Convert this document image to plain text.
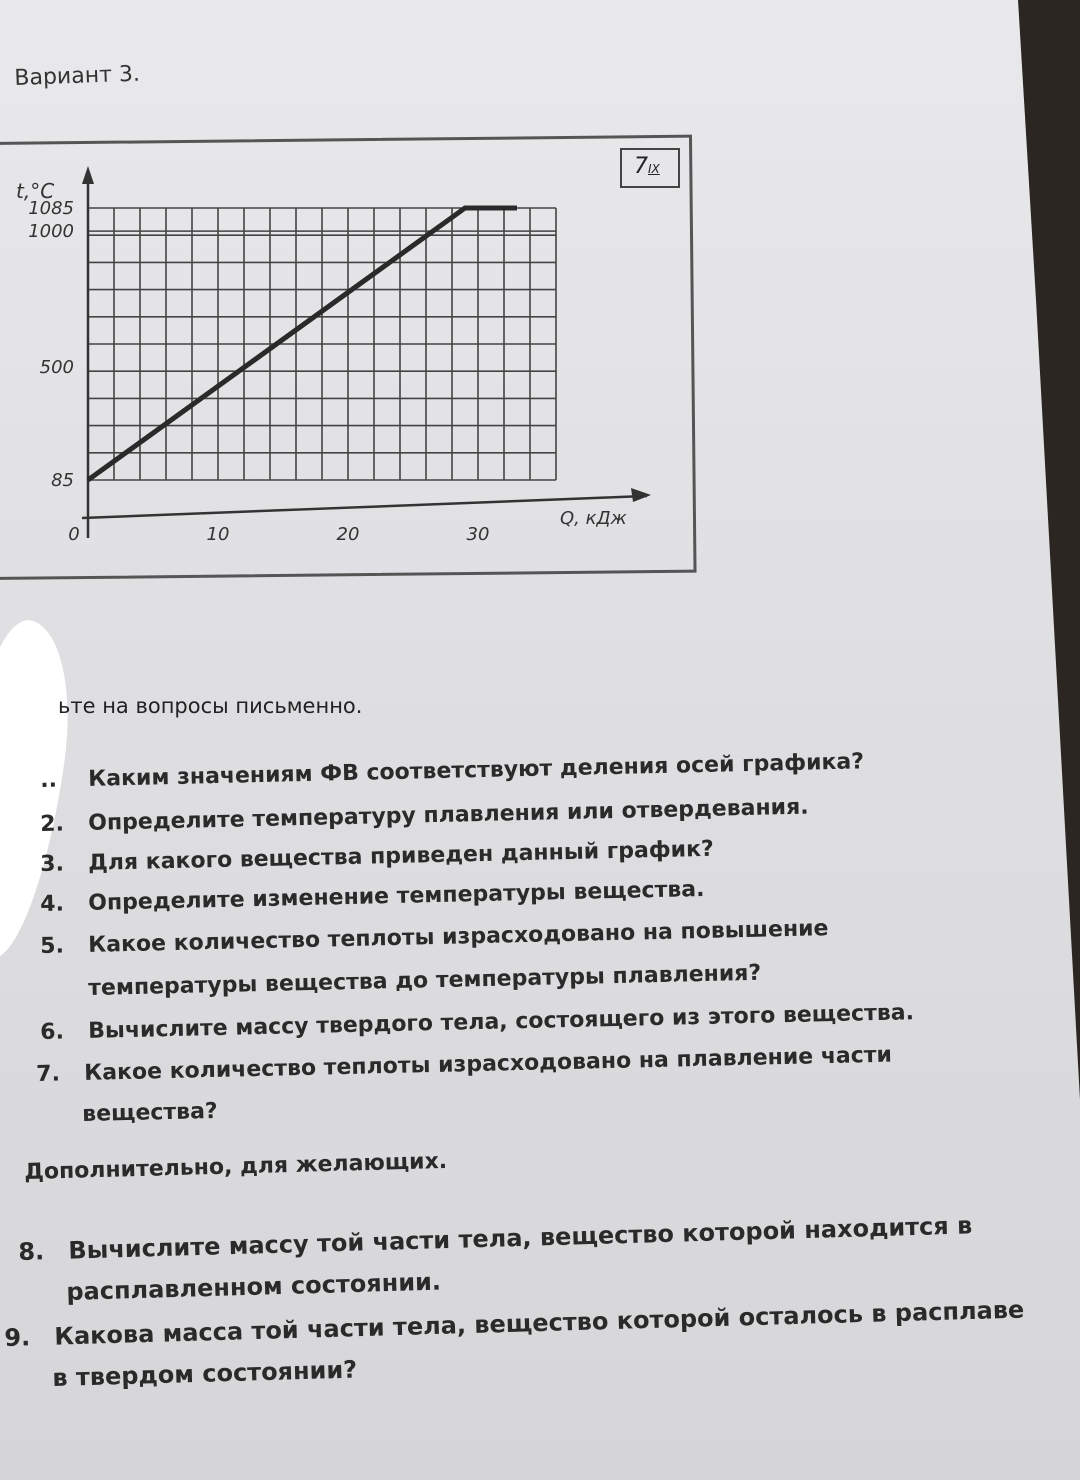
Вариант 3.
7IX
85
500
1000
1085
0	10	20	30
t,°C
Q, кДж
ьте на вопросы письменно.
.. Каким значениям ФВ соответствуют деления осей графика?
2. Определите температуру плавления или отвердевания.
3. Для какого вещества приведен данный график?
4. Определите изменение температуры вещества.
5. Какое количество теплоты израсходовано на повышение
температуры вещества до температуры плавления?
6. Вычислите массу твердого тела, состоящего из этого вещества.
7. Какое количество теплоты израсходовано на плавление части
вещества?
Дополнительно, для желающих.
8. Вычислите массу той части тела, вещество которой находится в
расплавленном состоянии.
9. Какова масса той части тела, вещество которой осталось в расплаве
в твердом состоянии?
